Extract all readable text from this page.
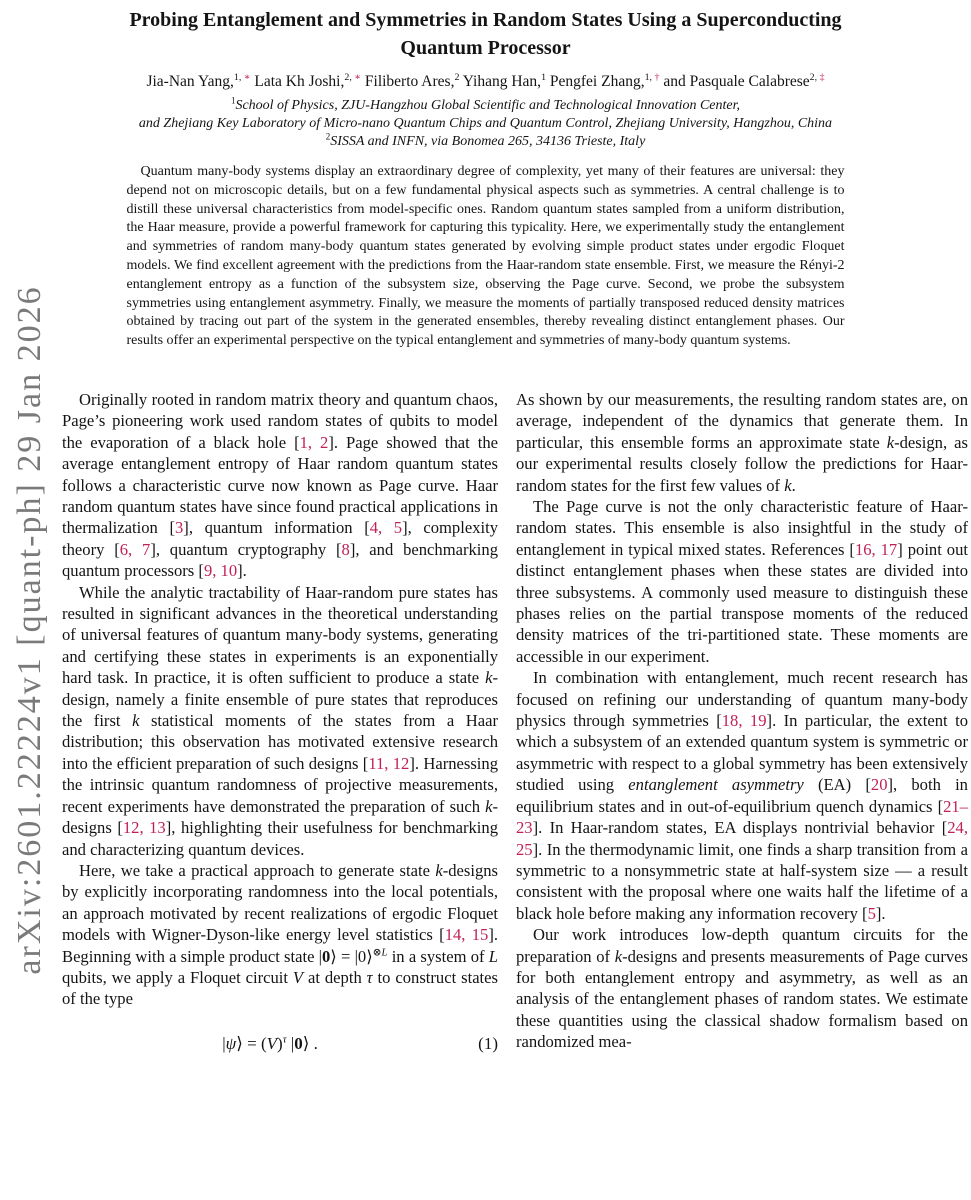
arXiv:2601.22224v1 [quant-ph] 29 Jan 2026
Probing Entanglement and Symmetries in Random States Using a Superconducting
Quantum Processor
Jia-Nan Yang,$^{1,}$ ∗ Lata Kh Joshi,$^{2,}$ ∗ Filiberto Ares,$^2$ Yihang Han,$^1$ Pengfei Zhang,$^{1,}$ † and Pasquale Calabrese$^{2,}$ ‡
$^1$School of Physics, ZJU-Hangzhou Global Scientific and Technological Innovation Center,
and Zhejiang Key Laboratory of Micro-nano Quantum Chips and Quantum Control, Zhejiang University, Hangzhou, China
$^2$SISSA and INFN, via Bonomea 265, 34136 Trieste, Italy
Quantum many-body systems display an extraordinary degree of complexity, yet many of their features are universal: they depend not on microscopic details, but on a few fundamental physical aspects such as symmetries. A central challenge is to distill these universal characteristics from model-specific ones. Random quantum states sampled from a uniform distribution, the Haar measure, provide a powerful framework for capturing this typicality. Here, we experimentally study the entanglement and symmetries of random many-body quantum states generated by evolving simple product states under ergodic Floquet models. We find excellent agreement with the predictions from the Haar-random state ensemble. First, we measure the Rényi-2 entanglement entropy as a function of the subsystem size, observing the Page curve. Second, we probe the subsystem symmetries using entanglement asymmetry. Finally, we measure the moments of partially transposed reduced density matrices obtained by tracing out part of the system in the generated ensembles, thereby revealing distinct entanglement phases. Our results offer an experimental perspective on the typical entanglement and symmetries of many-body quantum systems.

Originally rooted in random matrix theory and quantum chaos, Page’s pioneering work used random states of qubits to model the evaporation of a black hole [1, 2]. Page showed that the average entanglement entropy of Haar random quantum states follows a characteristic curve now known as Page curve. Haar random quantum states have since found practical applications in thermalization [3], quantum information [4, 5], complexity theory [6, 7], quantum cryptography [8], and benchmarking quantum processors [9, 10].

While the analytic tractability of Haar-random pure states has resulted in significant advances in the theoretical understanding of universal features of quantum many-body systems, generating and certifying these states in experiments is an exponentially hard task. In practice, it is often sufficient to produce a state k-design, namely a finite ensemble of pure states that reproduces the first k statistical moments of the states from a Haar distribution; this observation has motivated extensive research into the efficient preparation of such designs [11, 12]. Harnessing the intrinsic quantum randomness of projective measurements, recent experiments have demonstrated the preparation of such k-designs [12, 13], highlighting their usefulness for benchmarking and characterizing quantum devices.

Here, we take a practical approach to generate state k-designs by explicitly incorporating randomness into the local potentials, an approach motivated by recent realizations of ergodic Floquet models with Wigner-Dyson-like energy level statistics [14, 15]. Beginning with a simple product state |0⟩ = |0⟩$^{\otimes L}$ in a system of L qubits, we apply a Floquet circuit V at depth τ to construct states of the type

|ψ⟩ = $(V)^\tau$ |0⟩ .	(1)

As shown by our measurements, the resulting random states are, on average, independent of the dynamics that generate them. In particular, this ensemble forms an approximate state k-design, as our experimental results closely follow the predictions for Haar-random states for the first few values of k.

The Page curve is not the only characteristic feature of Haar-random states. This ensemble is also insightful in the study of entanglement in typical mixed states. References [16, 17] point out distinct entanglement phases when these states are divided into three subsystems. A commonly used measure to distinguish these phases relies on the partial transpose moments of the reduced density matrices of the tri-partitioned state. These moments are accessible in our experiment.

In combination with entanglement, much recent research has focused on refining our understanding of quantum many-body physics through symmetries [18, 19]. In particular, the extent to which a subsystem of an extended quantum system is symmetric or asymmetric with respect to a global symmetry has been extensively studied using entanglement asymmetry (EA) [20], both in equilibrium states and in out-of-equilibrium quench dynamics [21–23]. In Haar-random states, EA displays nontrivial behavior [24, 25]. In the thermodynamic limit, one finds a sharp transition from a symmetric to a nonsymmetric state at half-system size — a result consistent with the proposal where one waits half the lifetime of a black hole before making any information recovery [5].

Our work introduces low-depth quantum circuits for the preparation of k-designs and presents measurements of Page curves for both entanglement entropy and asymmetry, as well as an analysis of the entanglement phases of random states. We estimate these quantities using the classical shadow formalism based on randomized mea-
